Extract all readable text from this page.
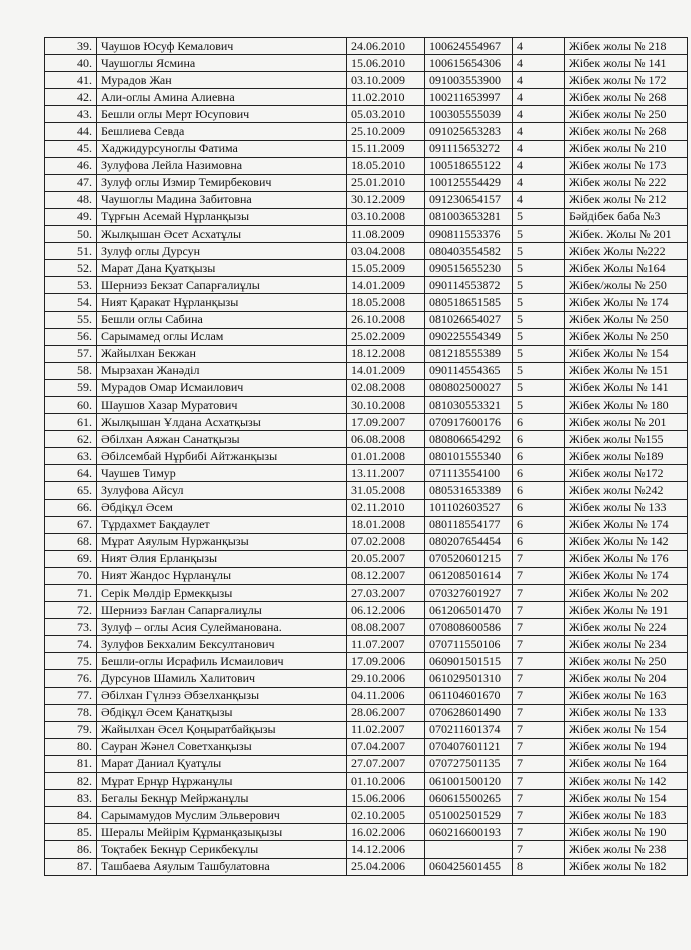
39.	Чаушов Юсуф Кемалович	24.06.2010	100624554967	4	Жібек жолы № 218
40.	Чаушоглы Ясмина	15.06.2010	100615654306	4	Жібек жолы № 141
41.	Мурадов Жан	03.10.2009	091003553900	4	Жібек жолы № 172
42.	Али-оглы Амина Алиевна	11.02.2010	100211653997	4	Жібек жолы № 268
43.	Бешли оглы Мерт Юсупович	05.03.2010	100305555039	4	Жібек жолы № 250
44.	Бешлиева Севда	25.10.2009	091025653283	4	Жібек жолы № 268
45.	Хаджидурсуноглы Фатима	15.11.2009	091115653272	4	Жібек жолы № 210
46.	Зулуфова Лейла Назимовна	18.05.2010	100518655122	4	Жібек жолы № 173
47.	Зулуф оглы Измир Темирбекович	25.01.2010	100125554429	4	Жібек жолы № 222
48.	Чаушоглы Мадина Забитовна	30.12.2009	091230654157	4	Жібек жолы № 212
49.	Тұрғын Асемай Нұрланқызы	03.10.2008	081003653281	5	Бәйдібек баба №3
50.	Жылқышан Әсет Асхатұлы	11.08.2009	090811553376	5	Жібек. Жолы № 201
51.	Зулуф оглы Дурсун	03.04.2008	080403554582	5	Жібек Жолы №222
52.	Марат Дана Қуатқызы	15.05.2009	090515655230	5	Жібек Жолы №164
53.	Шерниэз Бекзат Сапарғалиұлы	14.01.2009	090114553872	5	Жібек/жолы № 250
54.	Ният Қаракат Нұрланқызы	18.05.2008	080518651585	5	Жібек Жолы № 174
55.	Бешли оглы Сабина	26.10.2008	081026654027	5	Жібек Жолы № 250
56.	Сарымамед оглы Ислам	25.02.2009	090225554349	5	Жібек Жолы № 250
57.	Жайылхан Бекжан	18.12.2008	081218555389	5	Жібек Жолы № 154
58.	Мырзахан Жанәділ	14.01.2009	090114554365	5	Жібек Жолы № 151
59.	Мурадов Омар Исмаилович	02.08.2008	080802500027	5	Жібек Жолы № 141
60.	Шаушов Хазар Муратович	30.10.2008	081030553321	5	Жібек Жолы № 180
61.	Жылқышан Ұлдана Асхатқызы	17.09.2007	070917600176	6	Жібек жолы № 201
62.	Әбілхан Аяжан Санатқызы	06.08.2008	080806654292	6	Жібек жолы №155
63.	Әбілсембай Нұрбибі Айтжанқызы	01.01.2008	080101555340	6	Жібек жолы №189
64.	Чаушев Тимур	13.11.2007	071113554100	6	Жібек жолы №172
65.	Зулуфова Айсул	31.05.2008	080531653389	6	Жібек жолы №242
66.	Әбдіқұл Әсем	02.11.2010	101102603527	6	Жібек жолы № 133
67.	Тұрдахмет Бақдаулет	18.01.2008	080118554177	6	Жібек Жолы № 174
68.	Мұрат Аяулым Нуржанқызы	07.02.2008	080207654454	6	Жібек Жолы № 142
69.	Ният Әлия Ерланқызы	20.05.2007	070520601215	7	Жібек Жолы № 176
70.	Ният Жандос Нұрланұлы	08.12.2007	061208501614	7	Жібек Жолы № 174
71.	Серік Мөлдір Ермекқызы	27.03.2007	070327601927	7	Жібек Жолы № 202
72.	Шерниэз Бағлан Сапарғалиұлы	06.12.2006	061206501470	7	Жібек Жолы № 191
73.	Зулуф – оглы Асия Сулейманована.	08.08.2007	070808600586	7	Жібек жолы № 224
74.	Зулуфов Бекхалим Бексултанович	11.07.2007	070711550106	7	Жібек жолы № 234
75.	Бешли-оглы Исрафиль Исмаилович	17.09.2006	060901501515	7	Жібек жолы № 250
76.	Дурсунов Шамиль Халитович	29.10.2006	061029501310	7	Жібек жолы № 204
77.	Әбілхан Гүлнэз Әбзелханқызы	04.11.2006	061104601670	7	Жібек жолы № 163
78.	Әбдіқұл Әсем Қанатқызы	28.06.2007	070628601490	7	Жібек жолы № 133
79.	Жайылхан Әсел Қоңыратбайқызы	11.02.2007	070211601374	7	Жібек жолы № 154
80.	Сауран Жәнел Советханқызы	07.04.2007	070407601121	7	Жібек жолы № 194
81.	Марат Даниал Қуатұлы	27.07.2007	070727501135	7	Жібек жолы № 164
82.	Мұрат Ернұр Нұржанұлы	01.10.2006	061001500120	7	Жібек жолы № 142
83.	Бегалы Бекнұр Мейржанұлы	15.06.2006	060615500265	7	Жібек жолы № 154
84.	Сарымамудов Муслим Эльверович	02.10.2005	051002501529	7	Жібек жолы № 183
85.	Шералы Мейірім Құрманқазықызы	16.02.2006	060216600193	7	Жібек жолы № 190
86.	Тоқтабек Бекнұр Серикбекұлы	14.12.2006		7	Жібек жолы № 238
87.	Ташбаева Аяулым Ташбулатовна	25.04.2006	060425601455	8	Жібек жолы № 182
